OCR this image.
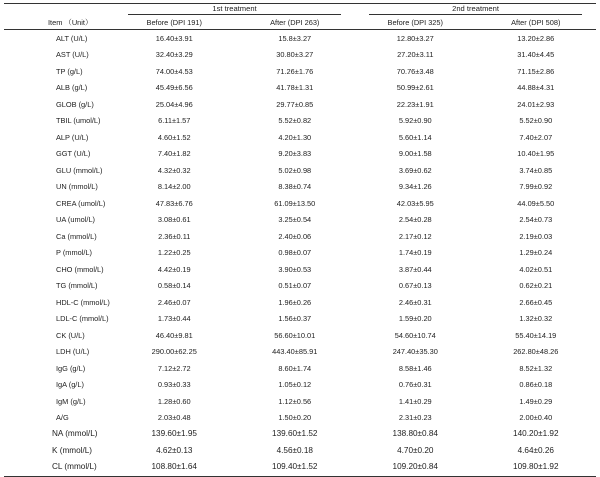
	1st treatment		2nd treatment	

Item （Unit）	Before (DPI 191)	After (DPI 263)	Before (DPI 325)	After (DPI 508)
ALT (U/L)	16.40±3.91	15.8±3.27	12.80±3.27	13.20±2.86
AST (U/L)	32.40±3.29	30.80±3.27	27.20±3.11	31.40±4.45
TP (g/L)	74.00±4.53	71.26±1.76	70.76±3.48	71.15±2.86
ALB (g/L)	45.49±6.56	41.78±1.31	50.99±2.61	44.88±4.31
GLOB (g/L)	25.04±4.96	29.77±0.85	22.23±1.91	24.01±2.93
TBIL (umol/L)	6.11±1.57	5.52±0.82	5.92±0.90	5.52±0.90
ALP (U/L)	4.60±1.52	4.20±1.30	5.60±1.14	7.40±2.07
GGT (U/L)	7.40±1.82	9.20±3.83	9.00±1.58	10.40±1.95
GLU (mmol/L)	4.32±0.32	5.02±0.98	3.69±0.62	3.74±0.85
UN (mmol/L)	8.14±2.00	8.38±0.74	9.34±1.26	7.99±0.92
CREA (umol/L)	47.83±6.76	61.09±13.50	42.03±5.95	44.09±5.50
UA (umol/L)	3.08±0.61	3.25±0.54	2.54±0.28	2.54±0.73
Ca (mmol/L)	2.36±0.11	2.40±0.06	2.17±0.12	2.19±0.03
P (mmol/L)	1.22±0.25	0.98±0.07	1.74±0.19	1.29±0.24
CHO (mmol/L)	4.42±0.19	3.90±0.53	3.87±0.44	4.02±0.51
TG (mmol/L)	0.58±0.14	0.51±0.07	0.67±0.13	0.62±0.21
HDL-C (mmol/L)	2.46±0.07	1.96±0.26	2.46±0.31	2.66±0.45
LDL-C (mmol/L)	1.73±0.44	1.56±0.37	1.59±0.20	1.32±0.32
CK (U/L)	46.40±9.81	56.60±10.01	54.60±10.74	55.40±14.19
LDH (U/L)	290.00±62.25	443.40±85.91	247.40±35.30	262.80±48.26
IgG (g/L)	7.12±2.72	8.60±1.74	8.58±1.46	8.52±1.32
IgA (g/L)	0.93±0.33	1.05±0.12	0.76±0.31	0.86±0.18
IgM (g/L)	1.28±0.60	1.12±0.56	1.41±0.29	1.49±0.29
A/G	2.03±0.48	1.50±0.20	2.31±0.23	2.00±0.40
NA (mmol/L)	139.60±1.95	139.60±1.52	138.80±0.84	140.20±1.92
K (mmol/L)	4.62±0.13	4.56±0.18	4.70±0.20	4.64±0.26
CL (mmol/L)	108.80±1.64	109.40±1.52	109.20±0.84	109.80±1.92
